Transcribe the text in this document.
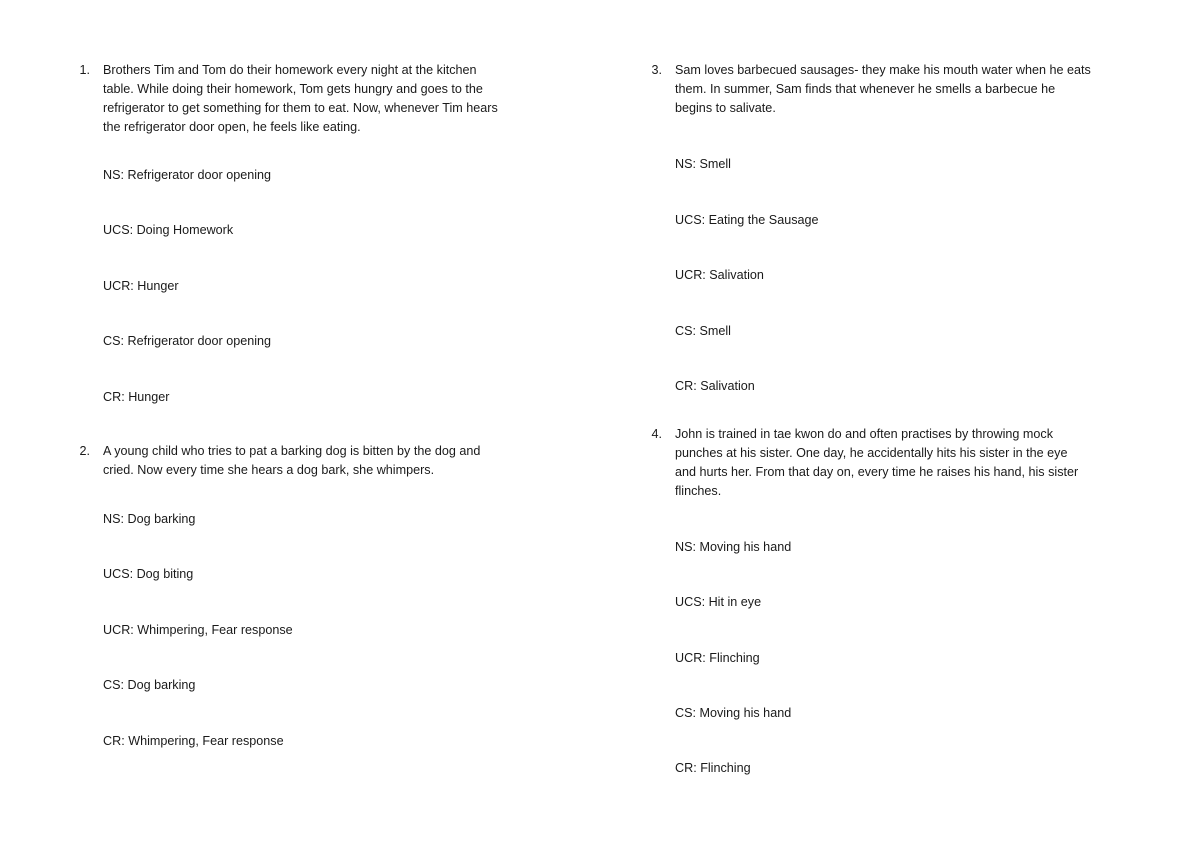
1. Brothers Tim and Tom do their homework every night at the kitchen
table. While doing their homework, Tom gets hungry and goes to the
refrigerator to get something for them to eat. Now, whenever Tim hears
the refrigerator door open, he feels like eating.
NS: Refrigerator door opening
UCS: Doing Homework
UCR: Hunger
CS: Refrigerator door opening
CR: Hunger
2. A young child who tries to pat a barking dog is bitten by the dog and
cried. Now every time she hears a dog bark, she whimpers.
NS: Dog barking
UCS: Dog biting
UCR: Whimpering, Fear response
CS: Dog barking
CR: Whimpering, Fear response
3. Sam loves barbecued sausages- they make his mouth water when he eats
them. In summer, Sam finds that whenever he smells a barbecue he
begins to salivate.
NS: Smell
UCS: Eating the Sausage
UCR: Salivation
CS: Smell
CR: Salivation
4. John is trained in tae kwon do and often practises by throwing mock
punches at his sister. One day, he accidentally hits his sister in the eye
and hurts her. From that day on, every time he raises his hand, his sister
flinches.
NS: Moving his hand
UCS: Hit in eye
UCR: Flinching
CS: Moving his hand
CR: Flinching
